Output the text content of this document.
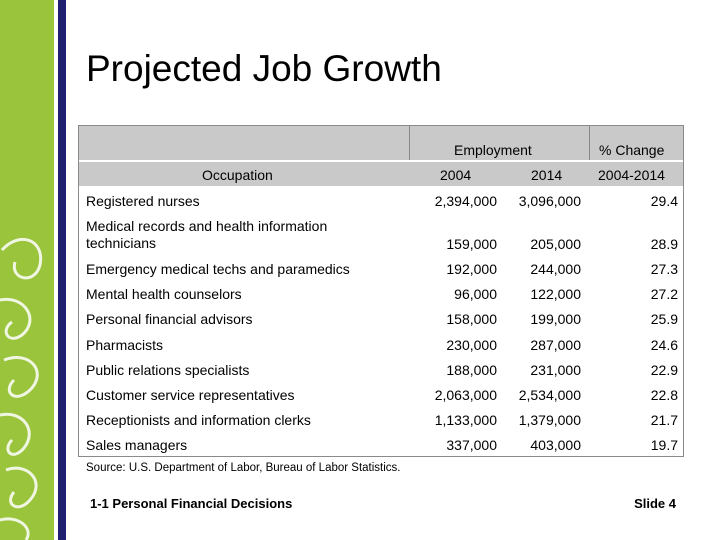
Projected Job Growth
Employment	% Change
Occupation	2004	2014	2004-2014
Registered nurses	2,394,000	3,096,000	29.4
Medical records and health information technicians	159,000	205,000	28.9
Emergency medical techs and paramedics	192,000	244,000	27.3
Mental health counselors	96,000	122,000	27.2
Personal financial advisors	158,000	199,000	25.9
Pharmacists	230,000	287,000	24.6
Public relations specialists	188,000	231,000	22.9
Customer service representatives	2,063,000	2,534,000	22.8
Receptionists and information clerks	1,133,000	1,379,000	21.7
Sales managers	337,000	403,000	19.7
Source: U.S. Department of Labor, Bureau of Labor Statistics.
1-1 Personal Financial Decisions	Slide 4
